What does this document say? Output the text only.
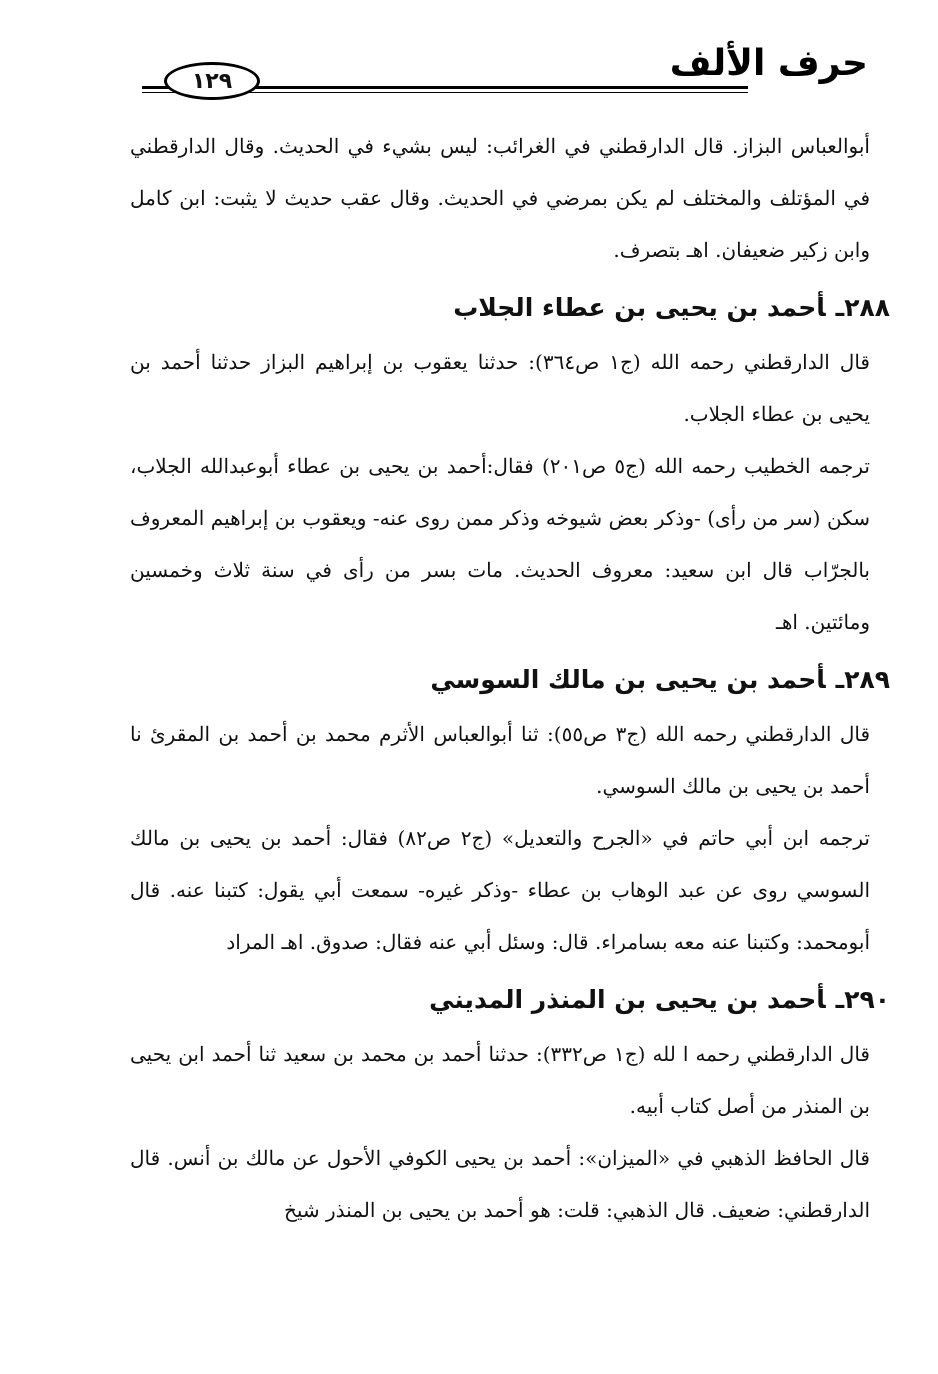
حرف الألف
١٢٩

أبوالعباس البزاز. قال الدارقطني في الغرائب: ليس بشيء في الحديث. وقال الدارقطني في المؤتلف والمختلف لم يكن بمرضي في الحديث. وقال عقب حديث لا يثبت: ابن كامل وابن زكير ضعيفان. اهـ بتصرف.

٢٨٨ـأحمد بن يحيى بن عطاء الجلاب

قال الدارقطني رحمه الله (ج١ ص٣٦٤): حدثنا يعقوب بن إبراهيم البزاز حدثنا أحمد بن يحيى بن عطاء الجلاب.

ترجمه الخطيب رحمه الله (ج٥ ص٢٠١) فقال:أحمد بن يحيى بن عطاء أبوعبدالله الجلاب، سكن (سر من رأى) -وذكر بعض شيوخه وذكر ممن روى عنه- ويعقوب بن إبراهيم المعروف بالجرّاب قال ابن سعيد: معروف الحديث. مات بسر من رأى في سنة ثلاث وخمسين ومائتين. اهـ

٢٨٩ـأحمد بن يحيى بن مالك السوسي

قال الدارقطني رحمه الله (ج٣ ص٥٥): ثنا أبوالعباس الأثرم محمد بن أحمد بن المقرئ نا أحمد بن يحيى بن مالك السوسي.

ترجمه ابن أبي حاتم في «الجرح والتعديل» (ج٢ ص٨٢) فقال: أحمد بن يحيى بن مالك السوسي روى عن عبد الوهاب بن عطاء -وذكر غيره- سمعت أبي يقول: كتبنا عنه. قال أبومحمد: وكتبنا عنه معه بسامراء. قال: وسئل أبي عنه فقال: صدوق. اهـ المراد

٢٩٠ـأحمد بن يحيى بن المنذر المديني

قال الدارقطني رحمه ا لله (ج١ ص٣٣٢): حدثنا أحمد بن محمد بن سعيد ثنا أحمد ابن يحيى بن المنذر من أصل كتاب أبيه.

قال الحافظ الذهبي في «الميزان»: أحمد بن يحيى الكوفي الأحول عن مالك بن أنس. قال الدارقطني: ضعيف. قال الذهبي: قلت: هو أحمد بن يحيى بن المنذر شيخ
